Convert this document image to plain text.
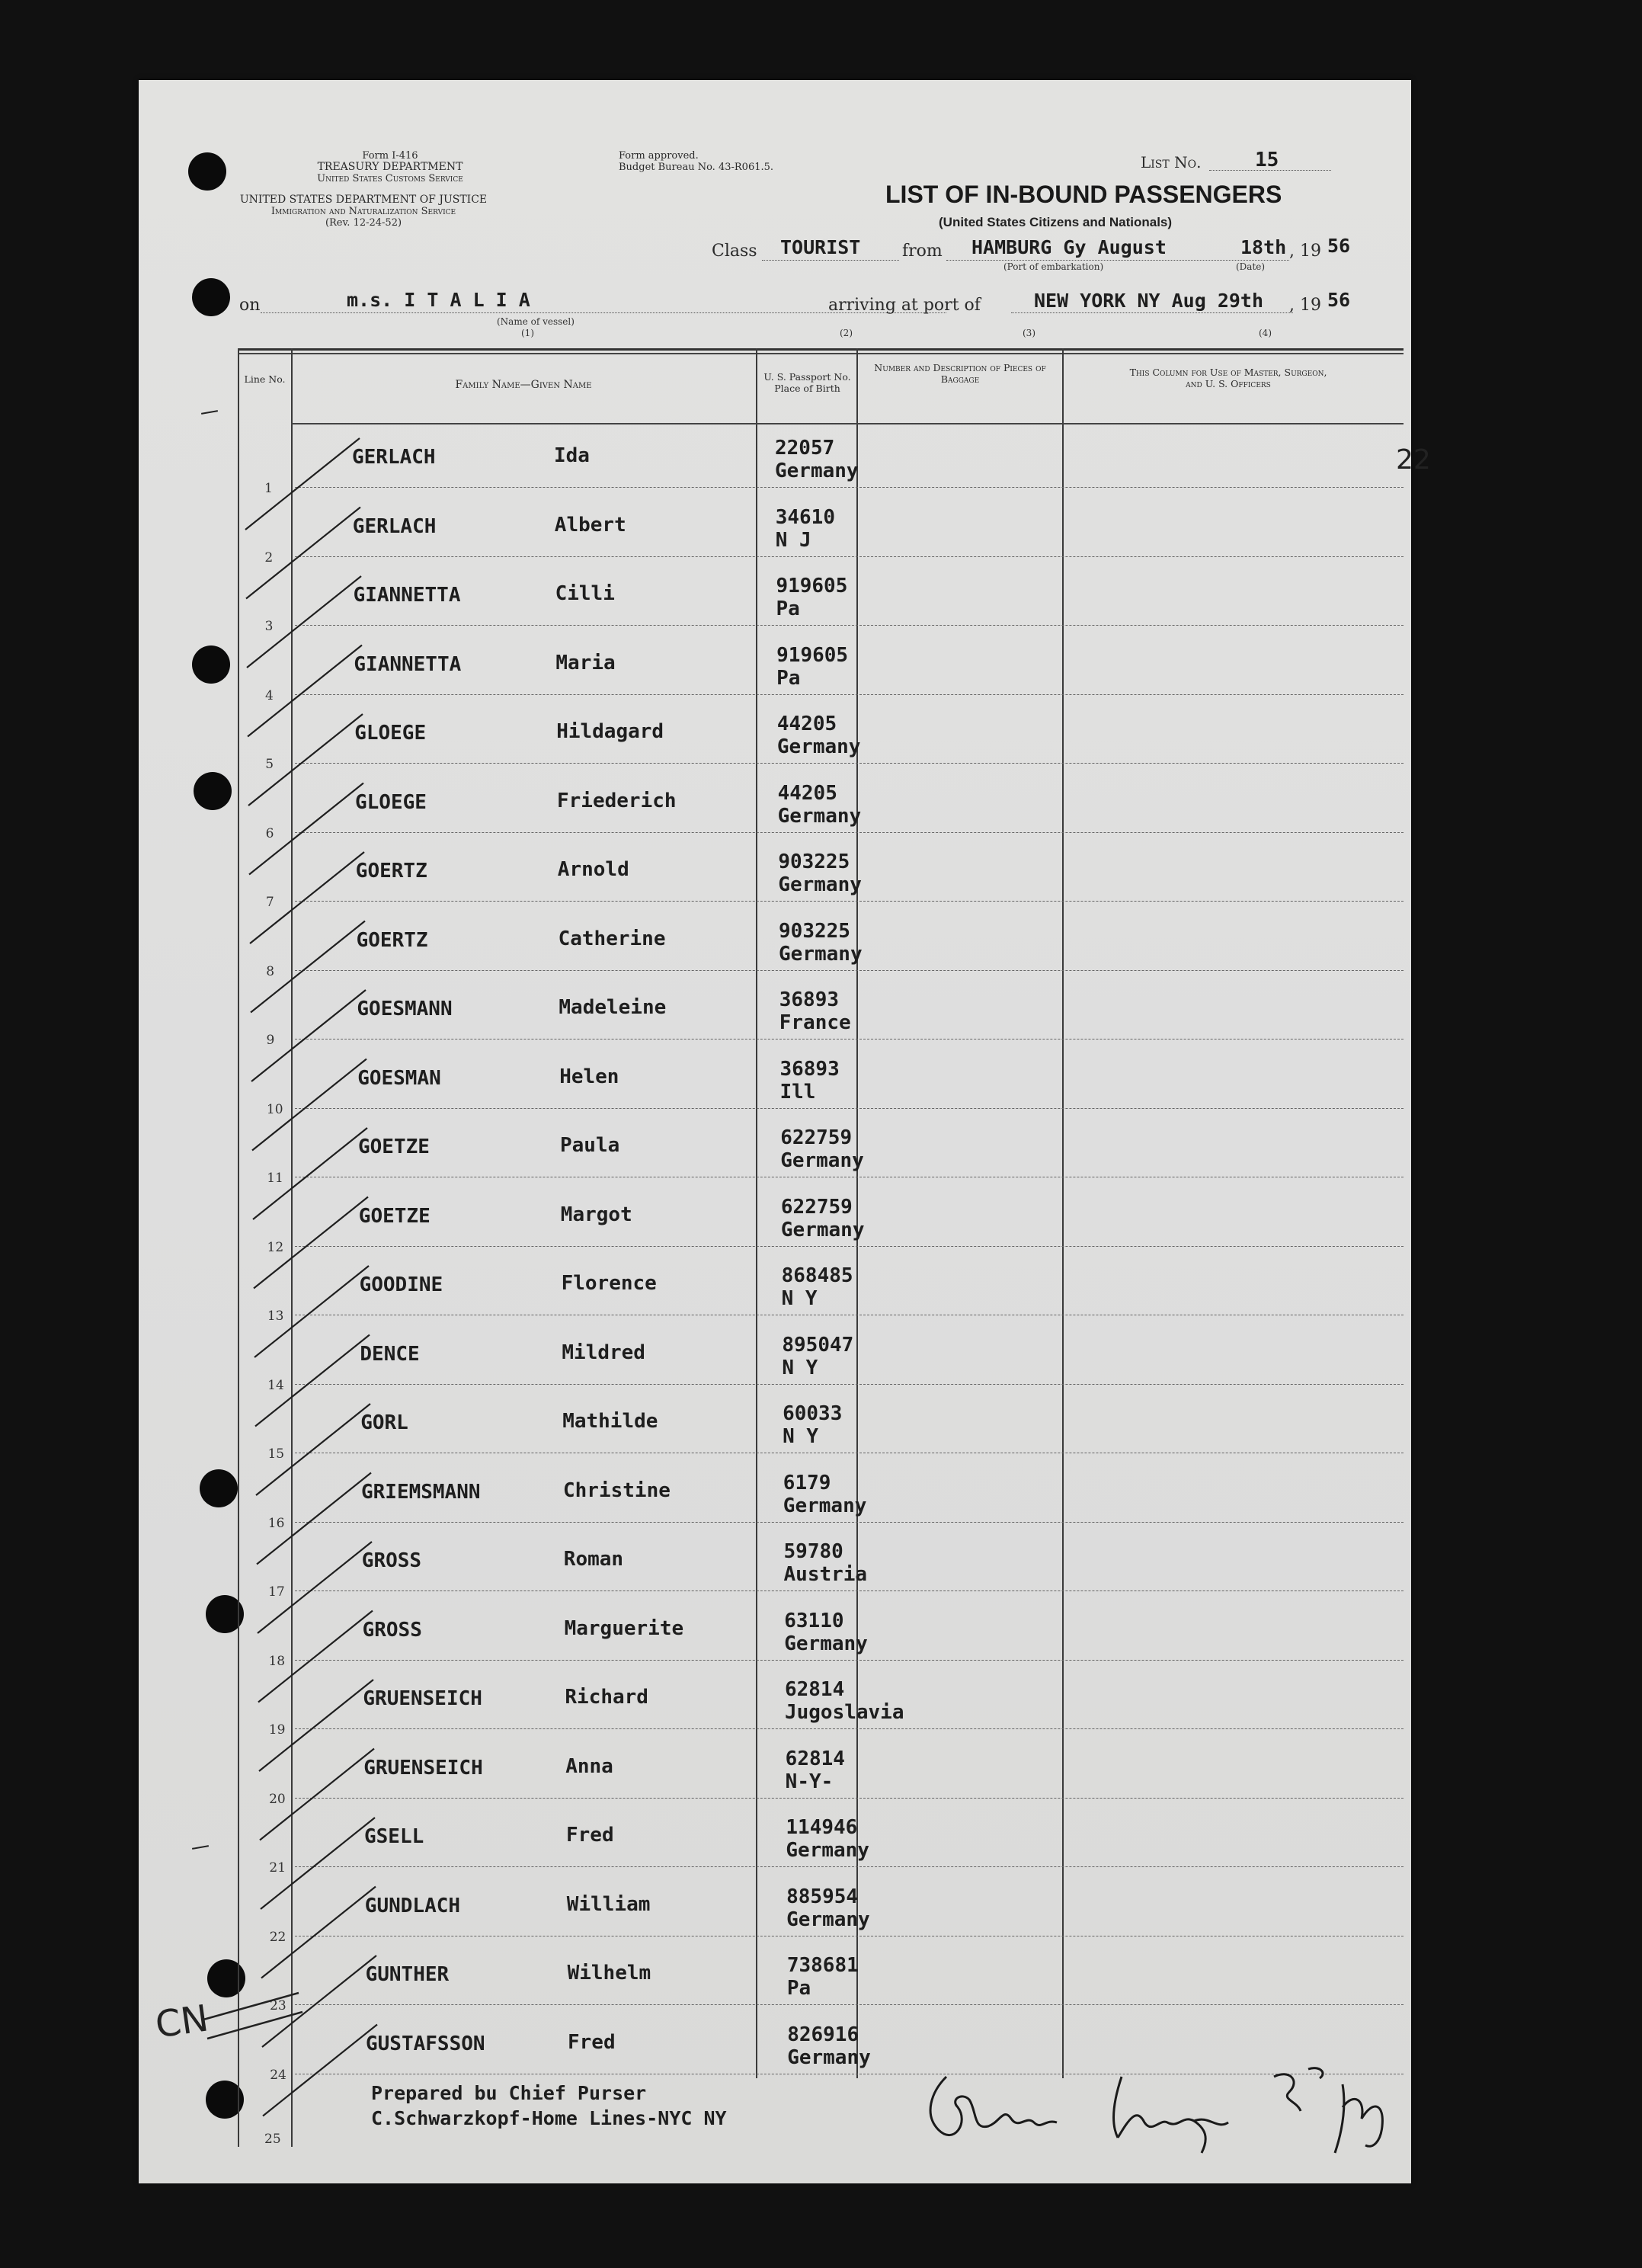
Form I-416
TREASURY DEPARTMENT
United States Customs Service
UNITED STATES DEPARTMENT OF JUSTICE
Immigration and Naturalization Service
(Rev. 12-24-52)
Form approved.
Budget Bureau No. 43-R061.5.	List No.	15
LIST OF IN-BOUND PASSENGERS
(United States Citizens and Nationals)
Class TOURIST from HAMBURG Gy August	18th , 19 56
(Port of embarkation)	(Date)
on	m.s. I T A L I A
(Name of vessel)
arriving at port of	NEW YORK NY Aug 29th , 19 56
(1)	(2)	(3)	(4)
Line No.	Family Name—Given Name
U. S. Passport No. Place of Birth
Number and Description of Pieces of Baggage
This Column for Use of Master, Surgeon, and U. S. Officers
22
1
GERLACH	Ida	22057
Germany
2
GERLACH	Albert	34610
N J
3
GIANNETTA	Cilli	919605
Pa
4
GIANNETTA	Maria	919605
Pa
5
GLOEGE	Hildagard	44205
Germany
6
GLOEGE	Friederich	44205
Germany
7
GOERTZ	Arnold	903225
Germany
8
GOERTZ	Catherine	903225
Germany
9
GOESMANN	Madeleine	36893
France
10
GOESMAN	Helen	36893
Ill
11
GOETZE	Paula	622759
Germany
12
GOETZE	Margot	622759
Germany
13
GOODINE	Florence	868485
N Y
14
DENCE	Mildred	895047
N Y
15
GORL	Mathilde	60033
N Y
16
GRIEMSMANN	Christine	6179
Germany
17
GROSS	Roman	59780
Austria
18
GROSS	Marguerite	63110
Germany
19
GRUENSEICH	Richard	62814
Jugoslavia
20
GRUENSEICH	Anna	62814
N-Y-
21
GSELL	Fred	114946
Germany
22
GUNDLACH	William	885954
Germany
23
GUNTHER	Wilhelm	738681
Pa
24
GUSTAFSSON	Fred	826916
Germany
25
Prepared bu Chief Purser
C.Schwarzkopf-Home Lines-NYC NY
CN
